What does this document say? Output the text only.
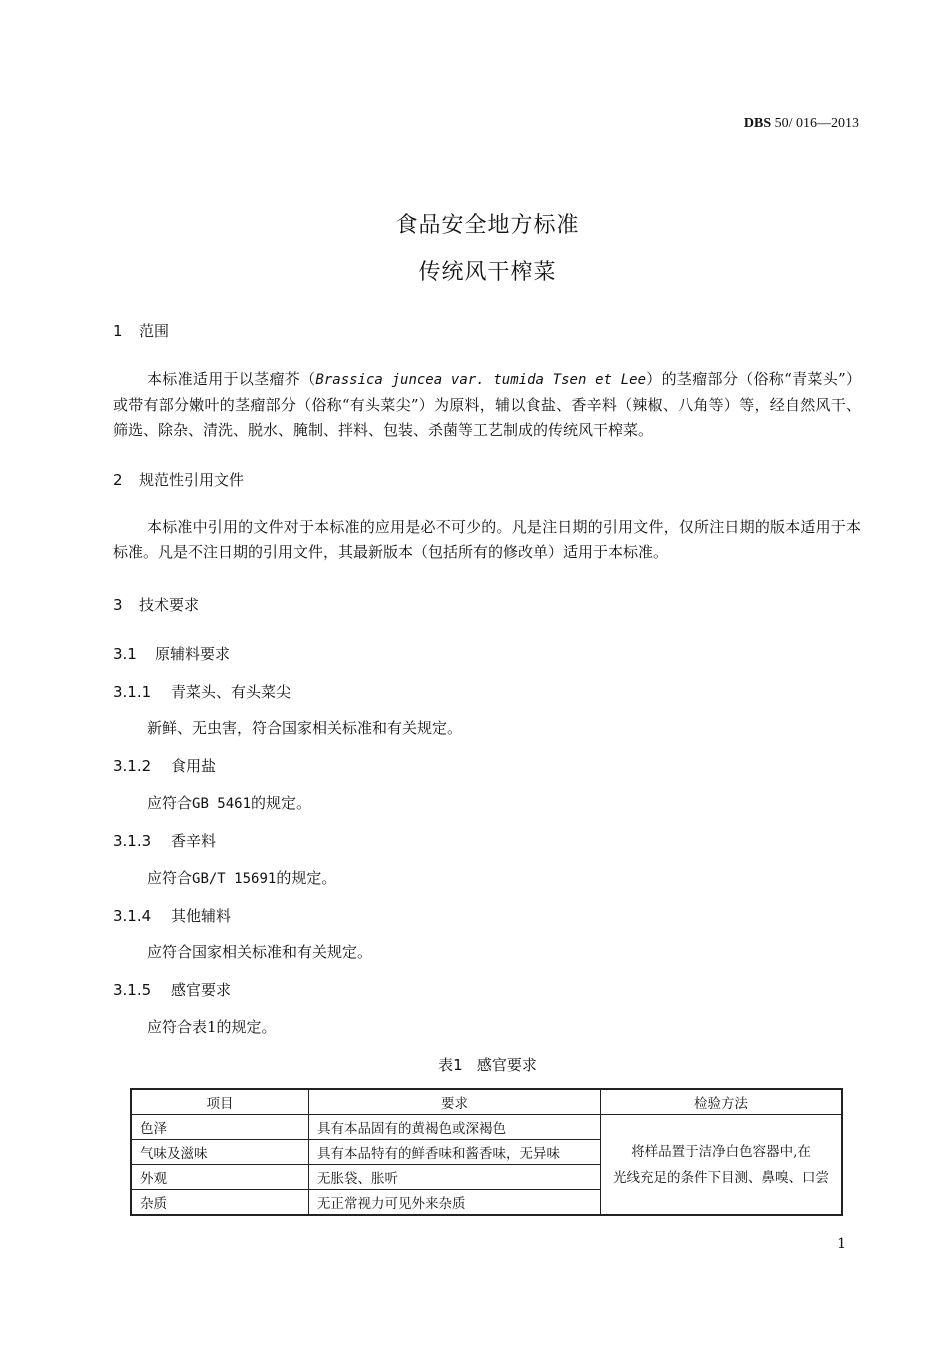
DBS 50/ 016—2013
食品安全地方标准
传统风干榨菜
1 范围
本标准适用于以茎瘤芥（Brassica juncea var. tumida Tsen et Lee）的茎瘤部分（俗称“青菜头”）或带有部分嫩叶的茎瘤部分（俗称“有头菜尖”）为原料，辅以食盐、香辛料（辣椒、八角等）等，经自然风干、筛选、除杂、清洗、脱水、腌制、拌料、包装、杀菌等工艺制成的传统风干榨菜。
2 规范性引用文件
本标准中引用的文件对于本标准的应用是必不可少的。凡是注日期的引用文件，仅所注日期的版本适用于本标准。凡是不注日期的引用文件，其最新版本（包括所有的修改单）适用于本标准。
3 技术要求
3.1 原辅料要求
3.1.1 青菜头、有头菜尖
新鲜、无虫害，符合国家相关标准和有关规定。
3.1.2 食用盐
应符合GB 5461的规定。
3.1.3 香辛料
应符合GB/T 15691的规定。
3.1.4 其他辅料
应符合国家相关标准和有关规定。
3.1.5 感官要求
应符合表1的规定。
表1 感官要求
项目	要求	检验方法
色泽	具有本品固有的黄褐色或深褐色	将样品置于洁净白色容器中,在
光线充足的条件下目测、鼻嗅、口尝
气味及滋味	具有本品特有的鲜香味和酱香味，无异味	
外观	无胀袋、胀听	
杂质	无正常视力可见外来杂质	
1
